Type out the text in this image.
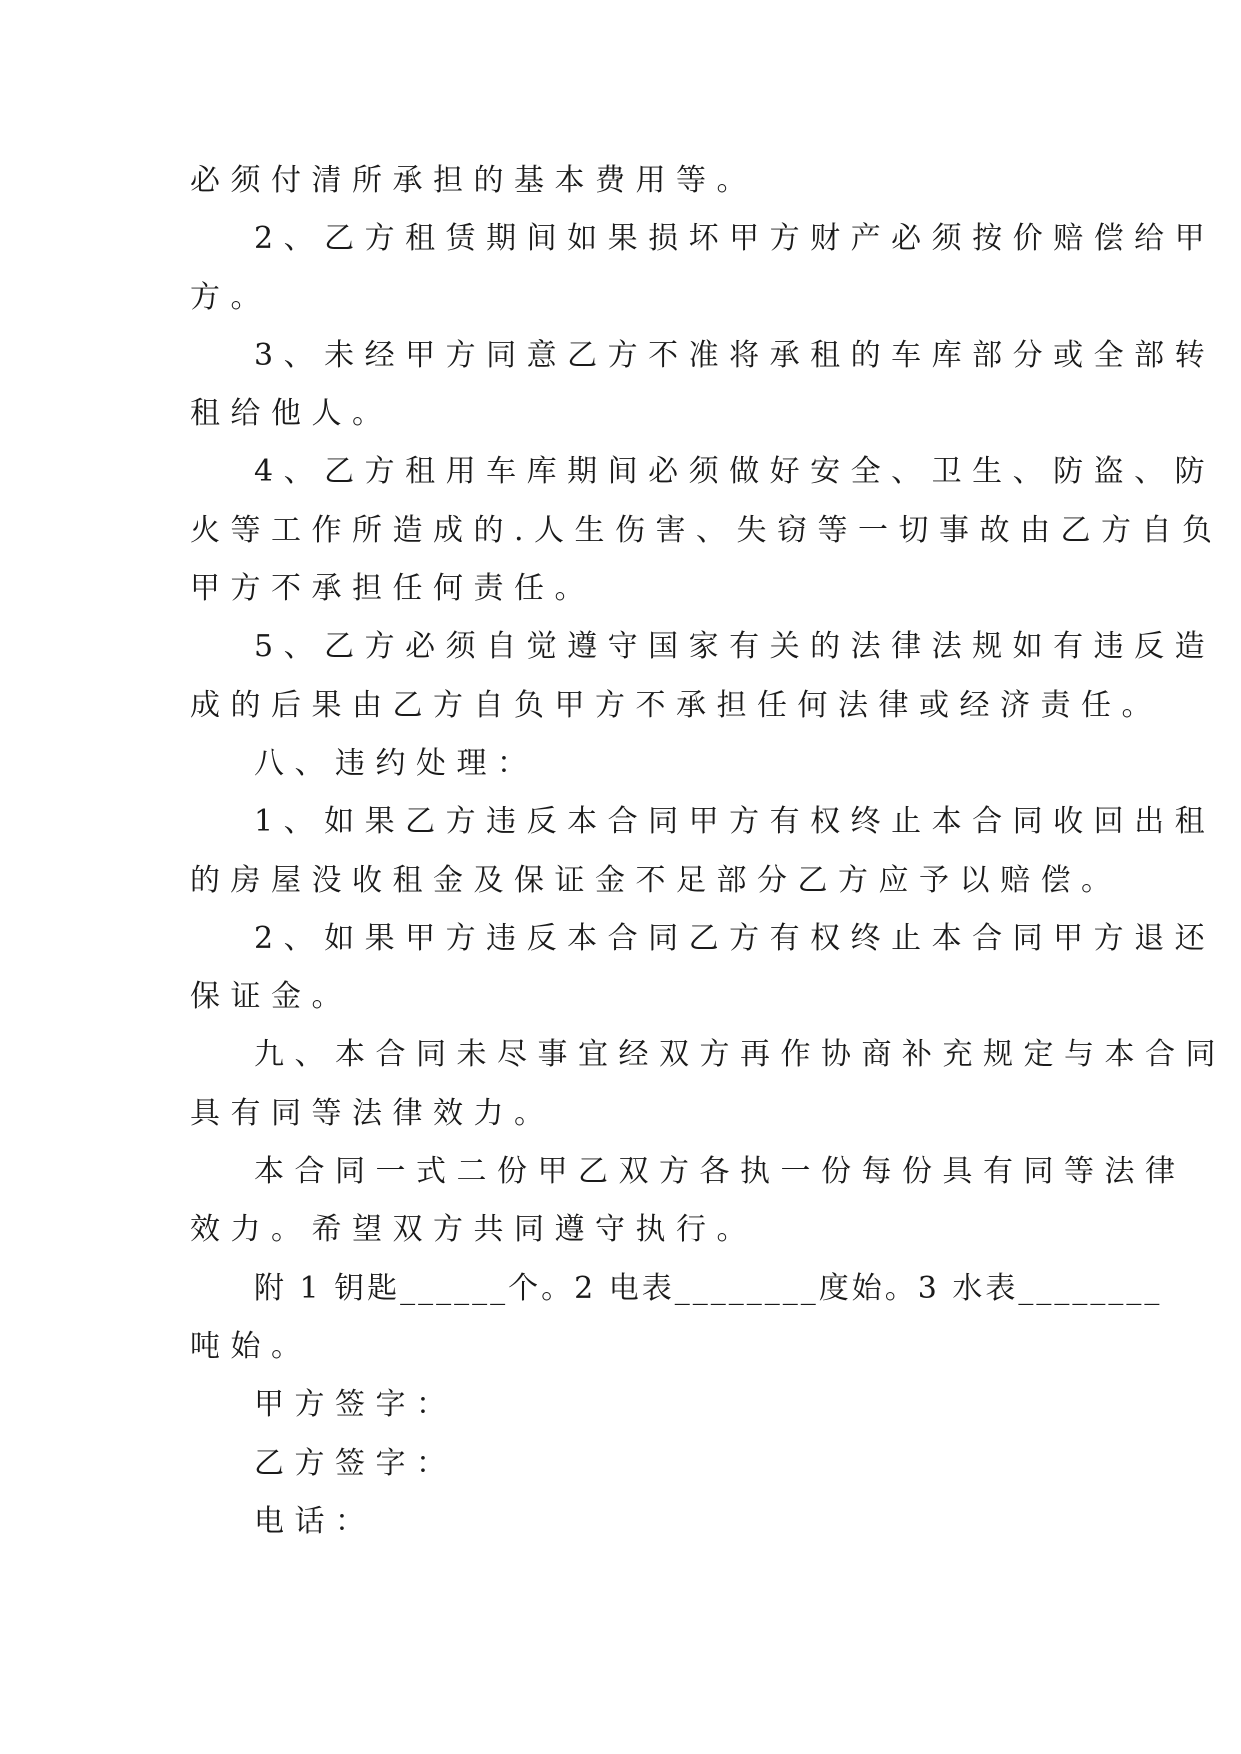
必须付清所承担的基本费用等。
2、乙方租赁期间如果损坏甲方财产必须按价赔偿给甲
方。
3、未经甲方同意乙方不准将承租的车库部分或全部转
租给他人。
4、乙方租用车库期间必须做好安全、卫生、防盗、防
火等工作所造成的.人生伤害、失窃等一切事故由乙方自负
甲方不承担任何责任。
5、乙方必须自觉遵守国家有关的法律法规如有违反造
成的后果由乙方自负甲方不承担任何法律或经济责任。
八、违约处理：
1、如果乙方违反本合同甲方有权终止本合同收回出租
的房屋没收租金及保证金不足部分乙方应予以赔偿。
2、如果甲方违反本合同乙方有权终止本合同甲方退还
保证金。
九、本合同未尽事宜经双方再作协商补充规定与本合同
具有同等法律效力。
本合同一式二份甲乙双方各执一份每份具有同等法律
效力。希望双方共同遵守执行。
附 1 钥匙______个。2 电表________度始。3 水表________
吨始。
甲方签字：
乙方签字：
电话：
